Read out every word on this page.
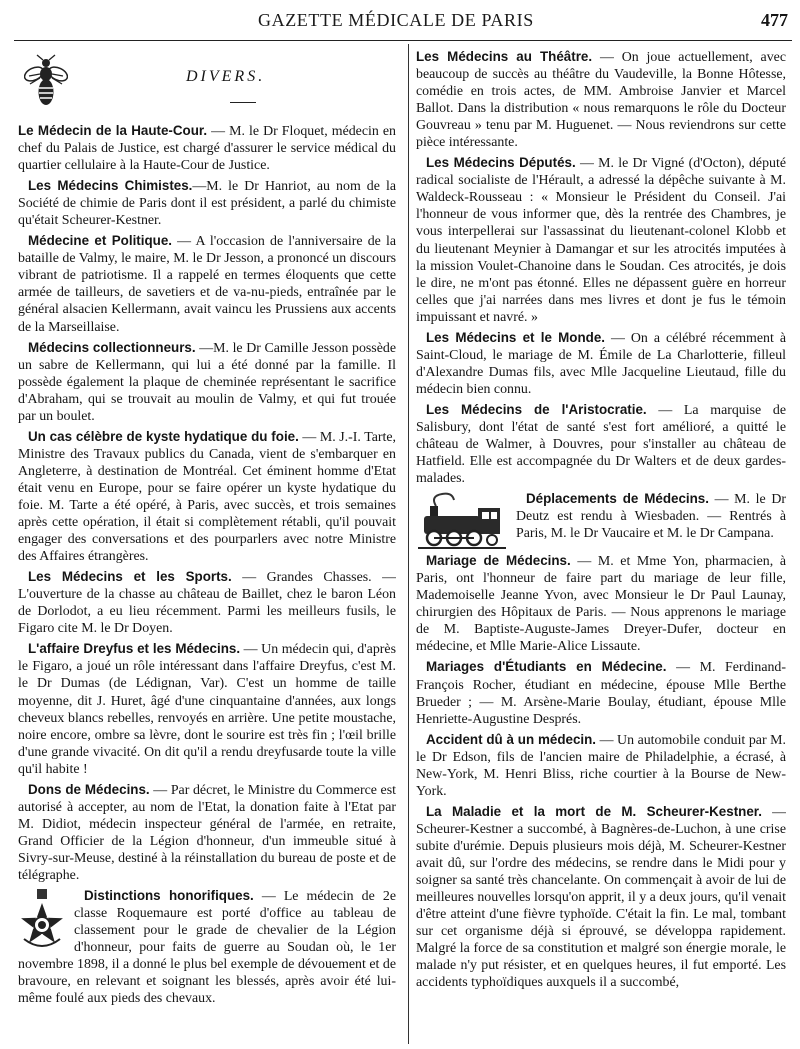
GAZETTE MÉDICALE DE PARIS	477
DIVERS.

Le Médecin de la Haute-Cour. — M. le Dr Floquet, médecin en chef du Palais de Justice, est chargé d'assurer le service médical du quartier cellulaire à la Haute-Cour de Justice.

Les Médecins Chimistes.—M. le Dr Hanriot, au nom de la Société de chimie de Paris dont il est président, a parlé du chimiste qu'était Scheurer-Kestner.

Médecine et Politique. — A l'occasion de l'anniversaire de la bataille de Valmy, le maire, M. le Dr Jesson, a prononcé un discours vibrant de patriotisme. Il a rappelé en termes éloquents que cette armée de tailleurs, de savetiers et de va-nu-pieds, entraînée par le général alsacien Kellermann, avait vaincu les Prussiens aux accents de la Marseillaise.

Médecins collectionneurs. —M. le Dr Camille Jesson possède un sabre de Kellermann, qui lui a été donné par la famille. Il possède également la plaque de cheminée représentant le sacrifice d'Abraham, qui se trouvait au moulin de Valmy, et qui fut trouée par un boulet.

Un cas célèbre de kyste hydatique du foie. — M. J.-I. Tarte, Ministre des Travaux publics du Canada, vient de s'embarquer en Angleterre, à destination de Montréal. Cet éminent homme d'Etat était venu en Europe, pour se faire opérer un kyste hydatique du foie. M. Tarte a été opéré, à Paris, avec succès, et trois semaines après cette opération, il était si complètement rétabli, qu'il pouvait engager des conversations et des pourparlers avec notre Ministre des Affaires étrangères.

Les Médecins et les Sports. — Grandes Chasses. — L'ouverture de la chasse au château de Baillet, chez le baron Léon de Dorlodot, a eu lieu récemment. Parmi les meilleurs fusils, le Figaro cite M. le Dr Doyen.

L'affaire Dreyfus et les Médecins. — Un médecin qui, d'après le Figaro, a joué un rôle intéressant dans l'affaire Dreyfus, c'est M. le Dr Dumas (de Lédignan, Var). C'est un homme de taille moyenne, dit J. Huret, âgé d'une cinquantaine d'années, aux longs cheveux blancs rebelles, renvoyés en arrière. Une petite moustache, noire encore, ombre sa lèvre, dont le sourire est très fin ; l'œil brille d'une grande vivacité. On dit qu'il a rendu dreyfusarde toute la ville qu'il habite !

Dons de Médecins. — Par décret, le Ministre du Commerce est autorisé à accepter, au nom de l'Etat, la donation faite à l'Etat par M. Didiot, médecin inspecteur général de l'armée, en retraite, Grand Officier de la Légion d'honneur, d'un immeuble situé à Sivry-sur-Meuse, destiné à la réinstallation du bureau de poste et de télégraphe.

Distinctions honorifiques. — Le médecin de 2e classe Roquemaure est porté d'office au tableau de classement pour le grade de chevalier de la Légion d'honneur, pour faits de guerre au Soudan où, le 1er novembre 1898, il a donné le plus bel exemple de dévouement et de bravoure, en relevant et soignant les blessés, après avoir été lui-même foulé aux pieds des chevaux.

Les Médecins au Théâtre. — On joue actuellement, avec beaucoup de succès au théâtre du Vaudeville, la Bonne Hôtesse, comédie en trois actes, de MM. Ambroise Janvier et Marcel Ballot. Dans la distribution « nous remarquons le rôle du Docteur Gouvreau » tenu par M. Huguenet. — Nous reviendrons sur cette pièce intéressante.

Les Médecins Députés. — M. le Dr Vigné (d'Octon), député radical socialiste de l'Hérault, a adressé la dépêche suivante à M. Waldeck-Rousseau : « Monsieur le Président du Conseil. J'ai l'honneur de vous informer que, dès la rentrée des Chambres, je vous interpellerai sur l'assassinat du lieutenant-colonel Klobb et du lieutenant Meynier à Damangar et sur les atrocités imputées à la mission Voulet-Chanoine dans le Soudan. Ces atrocités, je dois le dire, ne m'ont pas étonné. Elles ne dépassent guère en horreur celles que j'ai narrées dans mes livres et dont je fus le témoin impuissant et navré. »

Les Médecins et le Monde. — On a célébré récemment à Saint-Cloud, le mariage de M. Émile de La Charlotterie, filleul d'Alexandre Dumas fils, avec Mlle Jacqueline Lieutaud, fille du médecin bien connu.

Les Médecins de l'Aristocratie. — La marquise de Salisbury, dont l'état de santé s'est fort amélioré, a quitté le château de Walmer, à Douvres, pour s'installer au château de Hatfield. Elle est accompagnée du Dr Walters et de deux gardes-malades.

Déplacements de Médecins. — M. le Dr Deutz est rendu à Wiesbaden. — Rentrés à Paris, M. le Dr Vaucaire et M. le Dr Campana.

Mariage de Médecins. — M. et Mme Yon, pharmacien, à Paris, ont l'honneur de faire part du mariage de leur fille, Mademoiselle Jeanne Yvon, avec Monsieur le Dr Paul Launay, chirurgien des Hôpitaux de Paris. — Nous apprenons le mariage de M. Baptiste-Auguste-James Dreyer-Dufer, docteur en médecine, et Mlle Marie-Alice Lissaute.

Mariages d'Étudiants en Médecine. — M. Ferdinand-François Rocher, étudiant en médecine, épouse Mlle Berthe Brueder ; — M. Arsène-Marie Boulay, étudiant, épouse Mlle Henriette-Augustine Després.

Accident dû à un médecin. — Un automobile conduit par M. le Dr Edson, fils de l'ancien maire de Philadelphie, a écrasé, à New-York, M. Henri Bliss, riche courtier à la Bourse de New-York.

La Maladie et la mort de M. Scheurer-Kestner. — Scheurer-Kestner a succombé, à Bagnères-de-Luchon, à une crise subite d'urémie. Depuis plusieurs mois déjà, M. Scheurer-Kestner avait dû, sur l'ordre des médecins, se rendre dans le Midi pour y soigner sa santé très chancelante. On commençait à avoir de lui de meilleures nouvelles lorsqu'on apprit, il y a deux jours, qu'il venait d'être atteint d'une fièvre typhoïde. C'était la fin. Le mal, tombant sur cet organisme déjà si éprouvé, se développa rapidement. Malgré la force de sa constitution et malgré son énergie morale, le malade n'y put résister, et en quelques heures, il fut emporté. Les accidents typhoïdiques auxquels il a succombé,
